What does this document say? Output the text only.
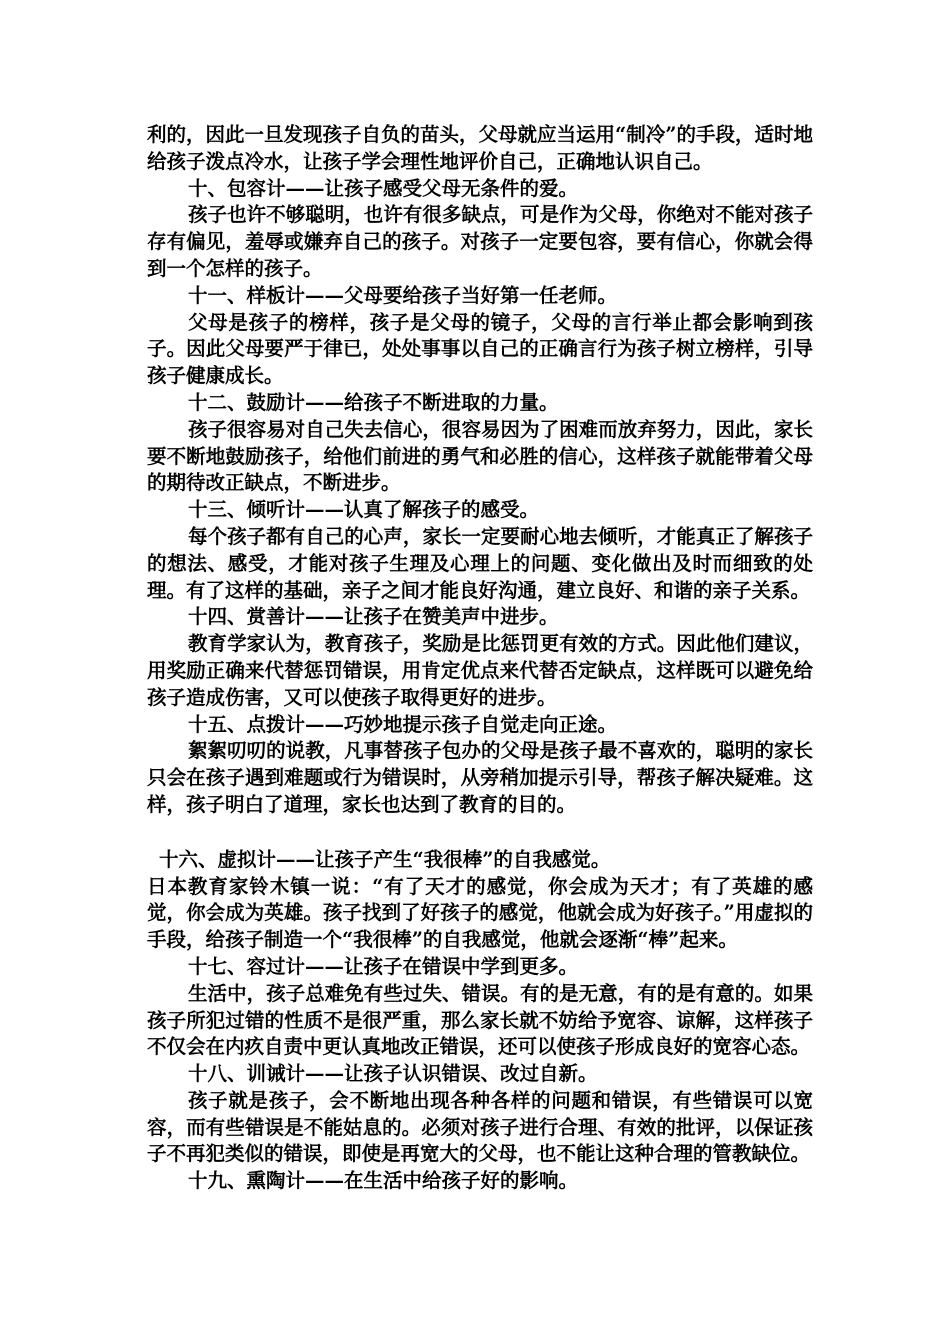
利的，因此一旦发现孩子自负的苗头，父母就应当运用“制冷”的手段，适时地给孩子泼点冷水，让孩子学会理性地评价自己，正确地认识自己。

十、包容计——让孩子感受父母无条件的爱。

孩子也许不够聪明，也许有很多缺点，可是作为父母，你绝对不能对孩子存有偏见，羞辱或嫌弃自己的孩子。对孩子一定要包容，要有信心，你就会得到一个怎样的孩子。

十一、样板计——父母要给孩子当好第一任老师。

父母是孩子的榜样，孩子是父母的镜子，父母的言行举止都会影响到孩子。因此父母要严于律已，处处事事以自己的正确言行为孩子树立榜样，引导孩子健康成长。

十二、鼓励计——给孩子不断进取的力量。

孩子很容易对自己失去信心，很容易因为了困难而放弃努力，因此，家长要不断地鼓励孩子，给他们前进的勇气和必胜的信心，这样孩子就能带着父母的期待改正缺点，不断进步。

十三、倾听计——认真了解孩子的感受。

每个孩子都有自己的心声，家长一定要耐心地去倾听，才能真正了解孩子的想法、感受，才能对孩子生理及心理上的问题、变化做出及时而细致的处理。有了这样的基础，亲子之间才能良好沟通，建立良好、和谐的亲子关系。

十四、赏善计——让孩子在赞美声中进步。

教育学家认为，教育孩子，奖励是比惩罚更有效的方式。因此他们建议，用奖励正确来代替惩罚错误，用肯定优点来代替否定缺点，这样既可以避免给孩子造成伤害，又可以使孩子取得更好的进步。

十五、点拨计——巧妙地提示孩子自觉走向正途。

絮絮叨叨的说教，凡事替孩子包办的父母是孩子最不喜欢的，聪明的家长只会在孩子遇到难题或行为错误时，从旁稍加提示引导，帮孩子解决疑难。这样，孩子明白了道理，家长也达到了教育的目的。

十六、虚拟计——让孩子产生“我很棒”的自我感觉。

日本教育家铃木镇一说：“有了天才的感觉，你会成为天才；有了英雄的感觉，你会成为英雄。孩子找到了好孩子的感觉，他就会成为好孩子。”用虚拟的手段，给孩子制造一个“我很棒”的自我感觉，他就会逐渐“棒”起来。

十七、容过计——让孩子在错误中学到更多。

生活中，孩子总难免有些过失、错误。有的是无意，有的是有意的。如果孩子所犯过错的性质不是很严重，那么家长就不妨给予宽容、谅解，这样孩子不仅会在内疚自责中更认真地改正错误，还可以使孩子形成良好的宽容心态。

十八、训诫计——让孩子认识错误、改过自新。

孩子就是孩子，会不断地出现各种各样的问题和错误，有些错误可以宽容，而有些错误是不能姑息的。必须对孩子进行合理、有效的批评，以保证孩子不再犯类似的错误，即使是再宽大的父母，也不能让这种合理的管教缺位。

十九、熏陶计——在生活中给孩子好的影响。
